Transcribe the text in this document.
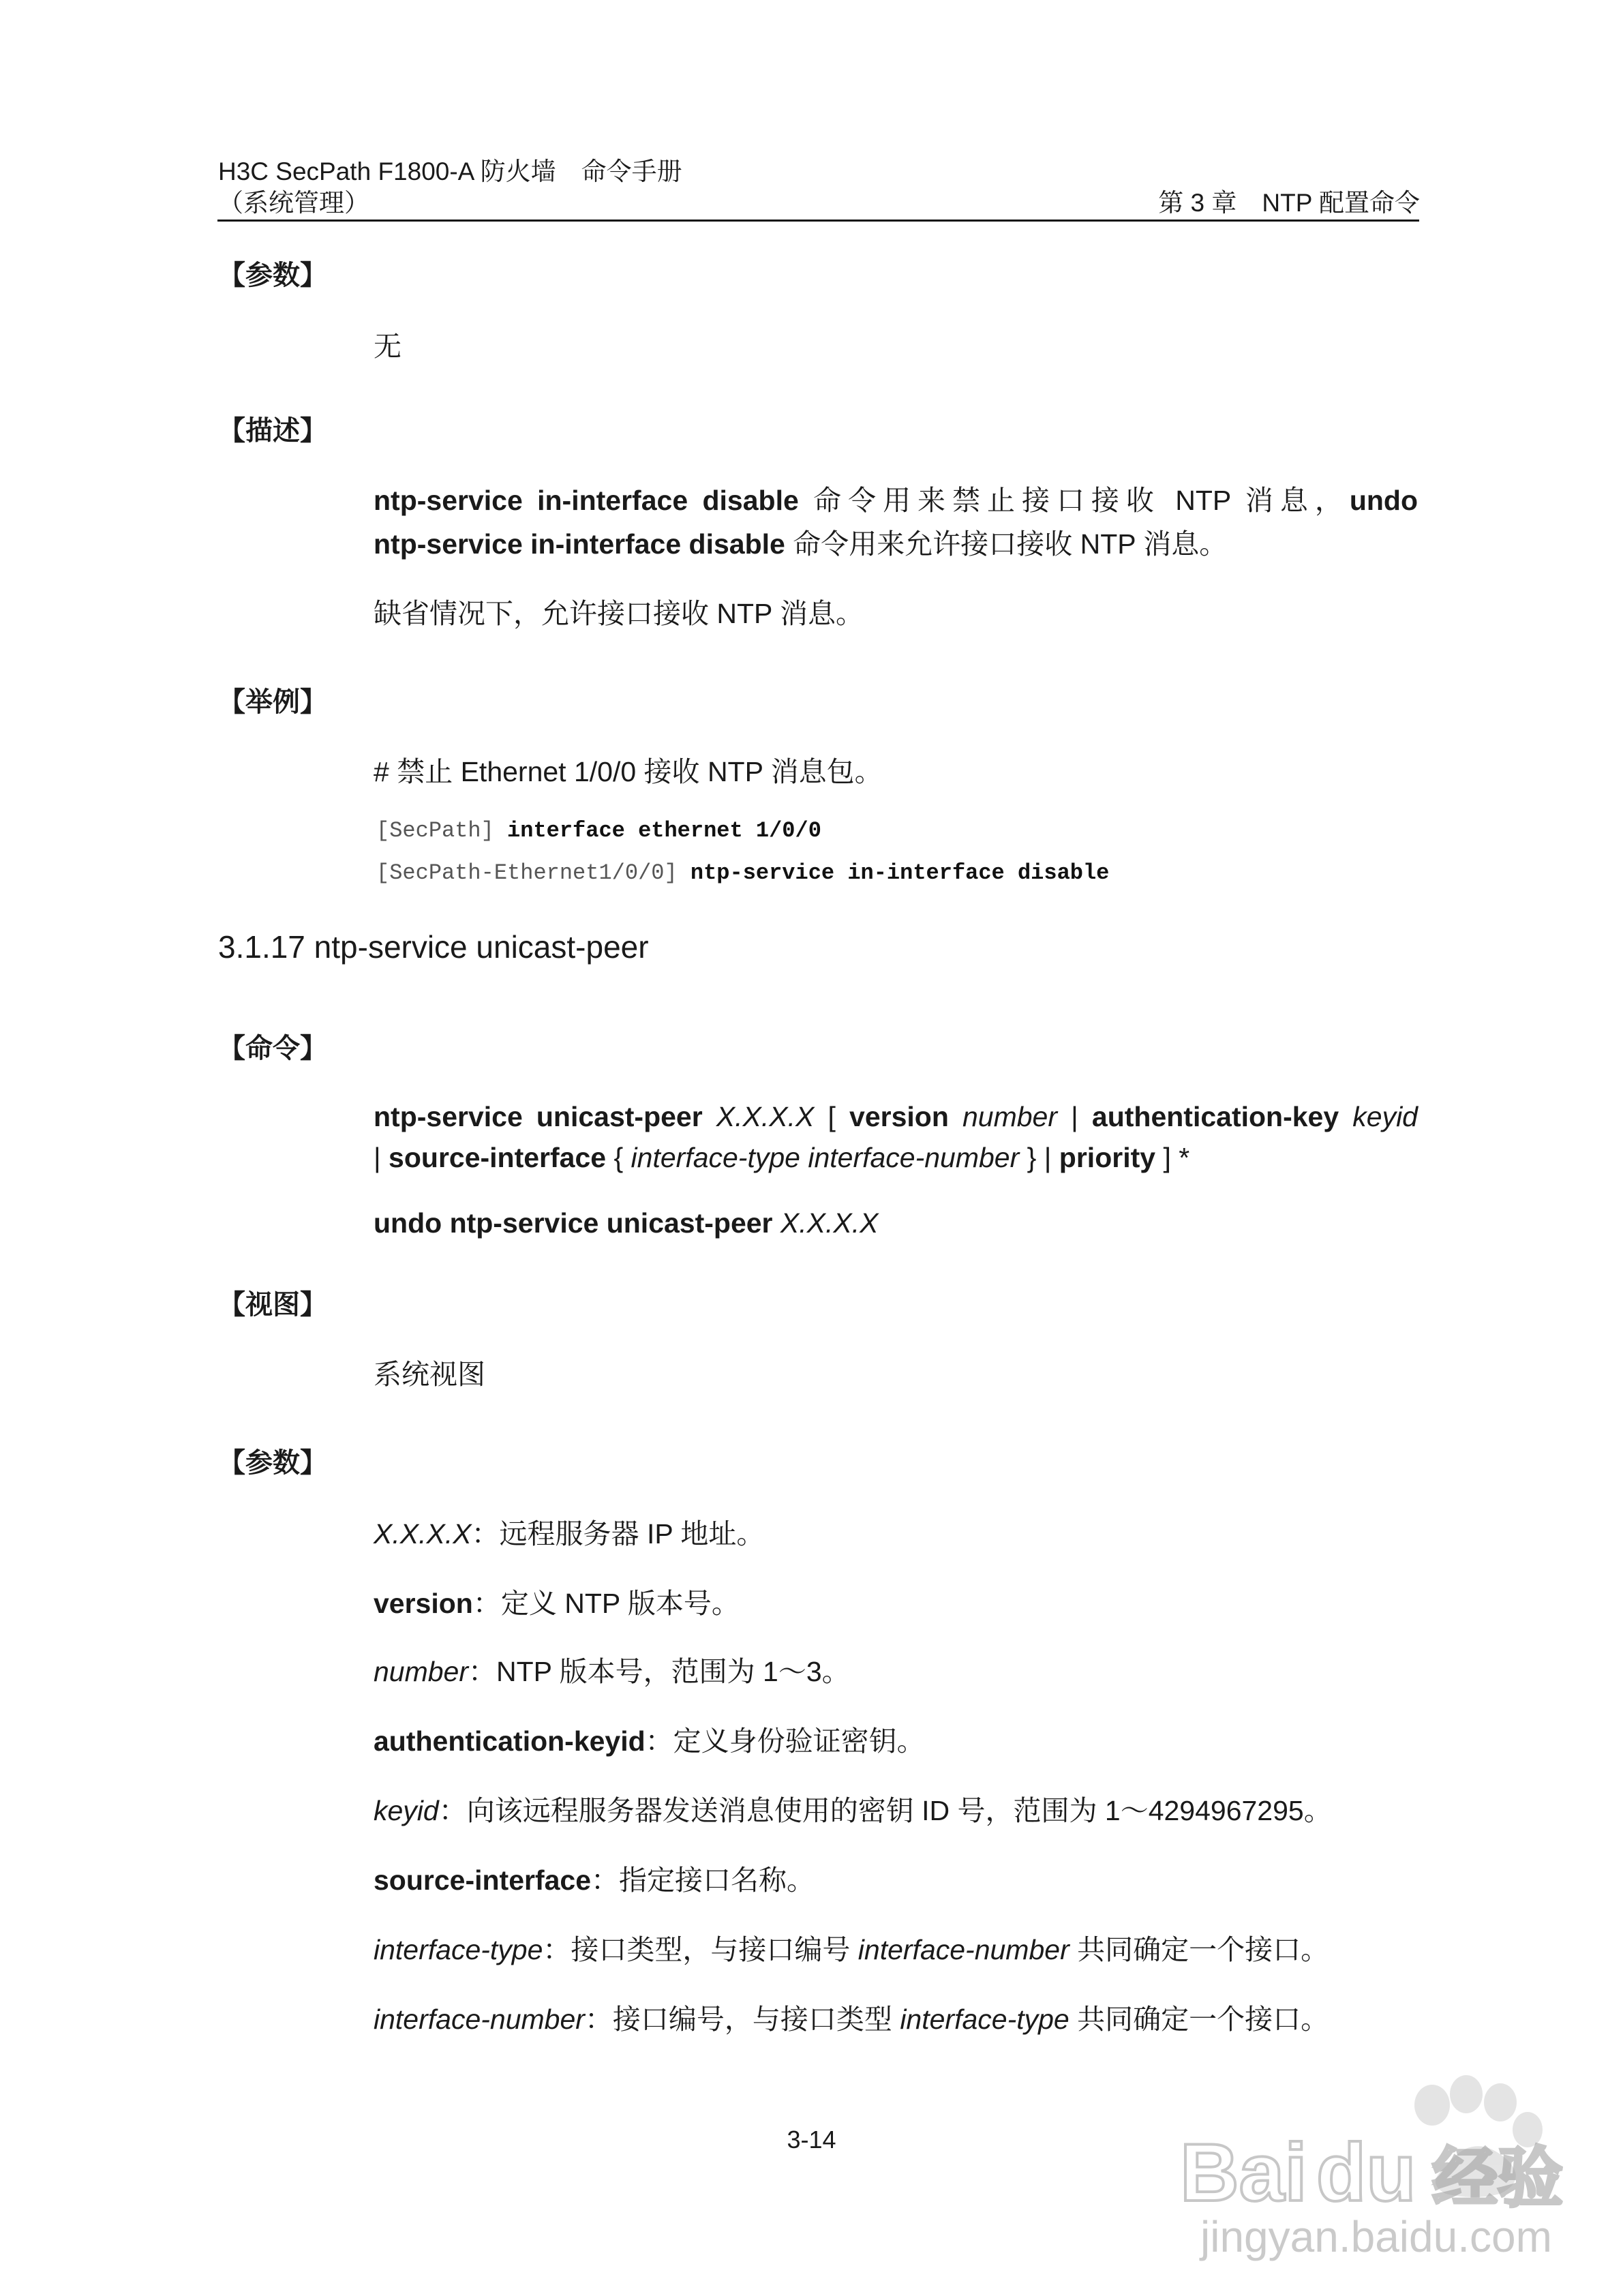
H3C SecPath F1800-A 防火墙　命令手册
（系统管理）	第 3 章　NTP 配置命令
【参数】
无
【描述】
ntp-service in-interface disable 命令用来禁止接口接收 NTP 消息，undo
ntp-service in-interface disable 命令用来允许接口接收 NTP 消息。
缺省情况下，允许接口接收 NTP 消息。
【举例】
# 禁止 Ethernet 1/0/0 接收 NTP 消息包。
[SecPath] interface ethernet 1/0/0
[SecPath-Ethernet1/0/0] ntp-service in-interface disable
3.1.17 ntp-service unicast-peer
【命令】
ntp-service unicast-peer X.X.X.X [ version number | authentication-key keyid
| source-interface { interface-type interface-number } | priority ] *
undo ntp-service unicast-peer X.X.X.X
【视图】
系统视图
【参数】
X.X.X.X：远程服务器 IP 地址。
version：定义 NTP 版本号。
number：NTP 版本号，范围为 1～3。
authentication-keyid：定义身份验证密钥。
keyid：向该远程服务器发送消息使用的密钥 ID 号，范围为 1～4294967295。
source-interface：指定接口名称。
interface-type：接口类型，与接口编号 interface-number 共同确定一个接口。
interface-number：接口编号，与接口类型 interface-type 共同确定一个接口。
3-14	Bai du 经验
jingyan.baidu.com
